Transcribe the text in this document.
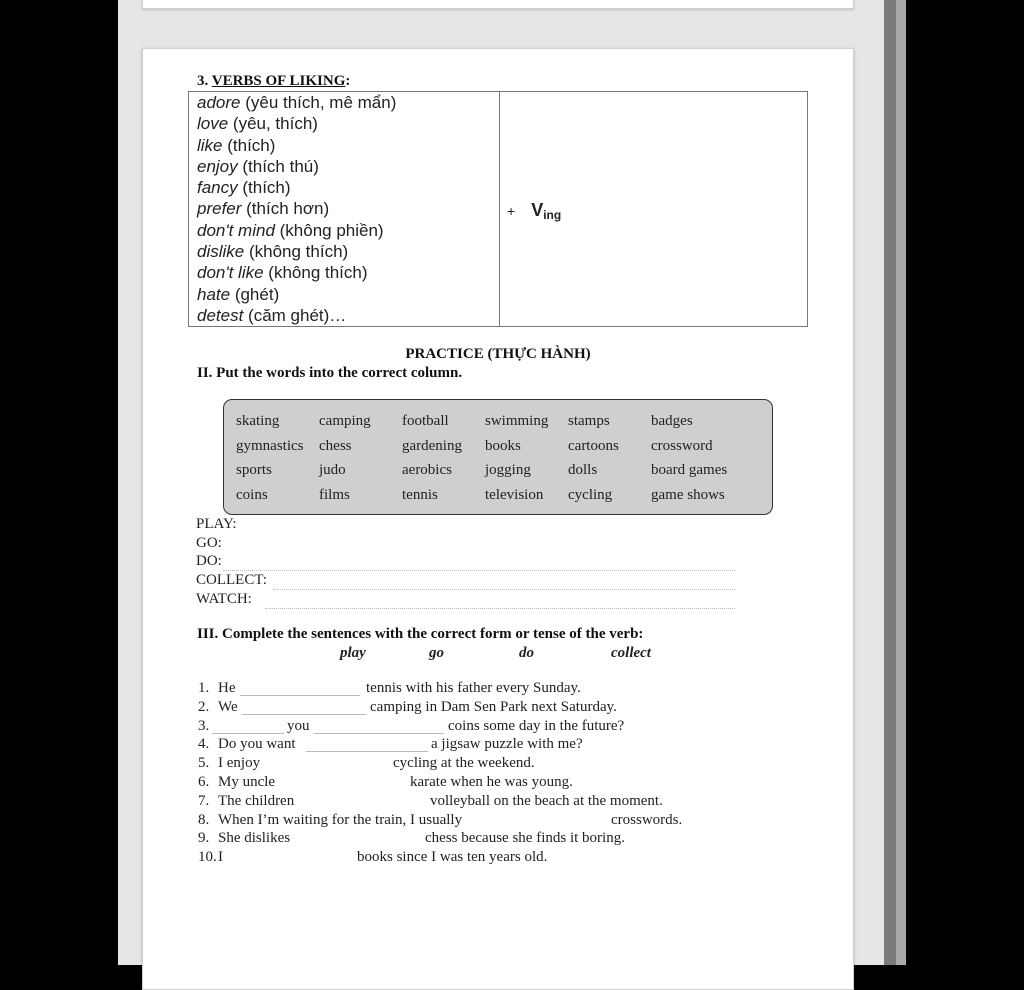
3. VERBS OF LIKING:
adore (yêu thích, mê mẩn)
love (yêu, thích)
like (thích)
enjoy (thích thú)
fancy (thích)
prefer (thích hơn)
don't mind (không phiền)
dislike (không thích)
don't like (không thích)
hate (ghét)
detest (căm ghét)…
+ Ving
PRACTICE (THỰC HÀNH)
II. Put the words into the correct column.
skating	camping	football	swimming	stamps	badges
gymnastics	chess	gardening	books	cartoons	crossword
sports	judo	aerobics	jogging	dolls	board games
coins	films	tennis	television	cycling	game shows
PLAY:
GO:
DO:
COLLECT:
WATCH:
III. Complete the sentences with the correct form or tense of the verb:
play	go	do	collect
1. He	tennis with his father every Sunday.
2. We	camping in Dam Sen Park next Saturday.
3.	you	coins some day in the future?
4. Do you want	a jigsaw puzzle with me?
5. I enjoy	cycling at the weekend.
6. My uncle	karate when he was young.
7. The children	volleyball on the beach at the moment.
8. When I’m waiting for the train, I usually	crosswords.
9. She dislikes	chess because she finds it boring.
10. I	books since I was ten years old.
